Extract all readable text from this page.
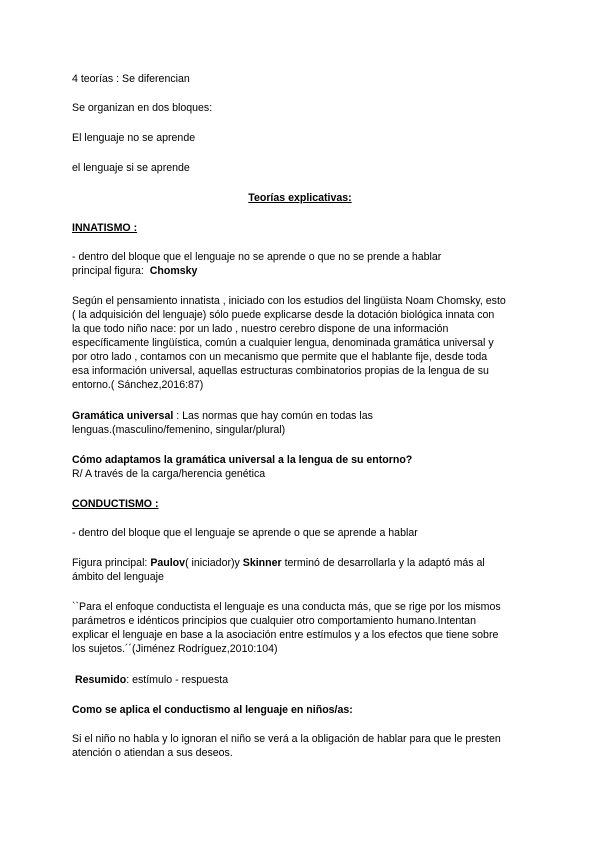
4 teorías : Se diferencian
Se organizan en dos bloques:
El lenguaje no se aprende
el lenguaje si se aprende
Teorías explicativas:
INNATISMO :
- dentro del bloque que el lenguaje no se aprende o que no se prende a hablar
principal figura:  Chomsky
Según el pensamiento innatista , iniciado con los estudios del lingüista Noam Chomsky, esto
( la adquisición del lenguaje) sólo puede explicarse desde la dotación biológica innata con
la que todo niño nace: por un lado , nuestro cerebro dispone de una información
específicamente lingüística, común a cualquier lengua, denominada gramática universal y
por otro lado , contamos con un mecanismo que permite que el hablante fije, desde toda
esa información universal, aquellas estructuras combinatorios propias de la lengua de su
entorno.( Sánchez,2016:87)
Gramática universal : Las normas que hay común en todas las
lenguas.(masculino/femenino, singular/plural)
Cómo adaptamos la gramática universal a la lengua de su entorno?
R/ A través de la carga/herencia genética
CONDUCTISMO :
- dentro del bloque que el lenguaje se aprende o que se aprende a hablar
Figura principal: Paulov( iniciador)y Skinner terminó de desarrollarla y la adaptó más al
ámbito del lenguaje
``Para el enfoque conductista el lenguaje es una conducta más, que se rige por los mismos
parámetros e idénticos principios que cualquier otro comportamiento humano.Intentan
explicar el lenguaje en base a la asociación entre estímulos y a los efectos que tiene sobre
los sujetos.´´(Jiménez Rodríguez,2010:104)
Resumido: estímulo - respuesta
Como se aplica el conductismo al lenguaje en niños/as:
Si el niño no habla y lo ignoran el niño se verá a la obligación de hablar para que le presten
atención o atiendan a sus deseos.
